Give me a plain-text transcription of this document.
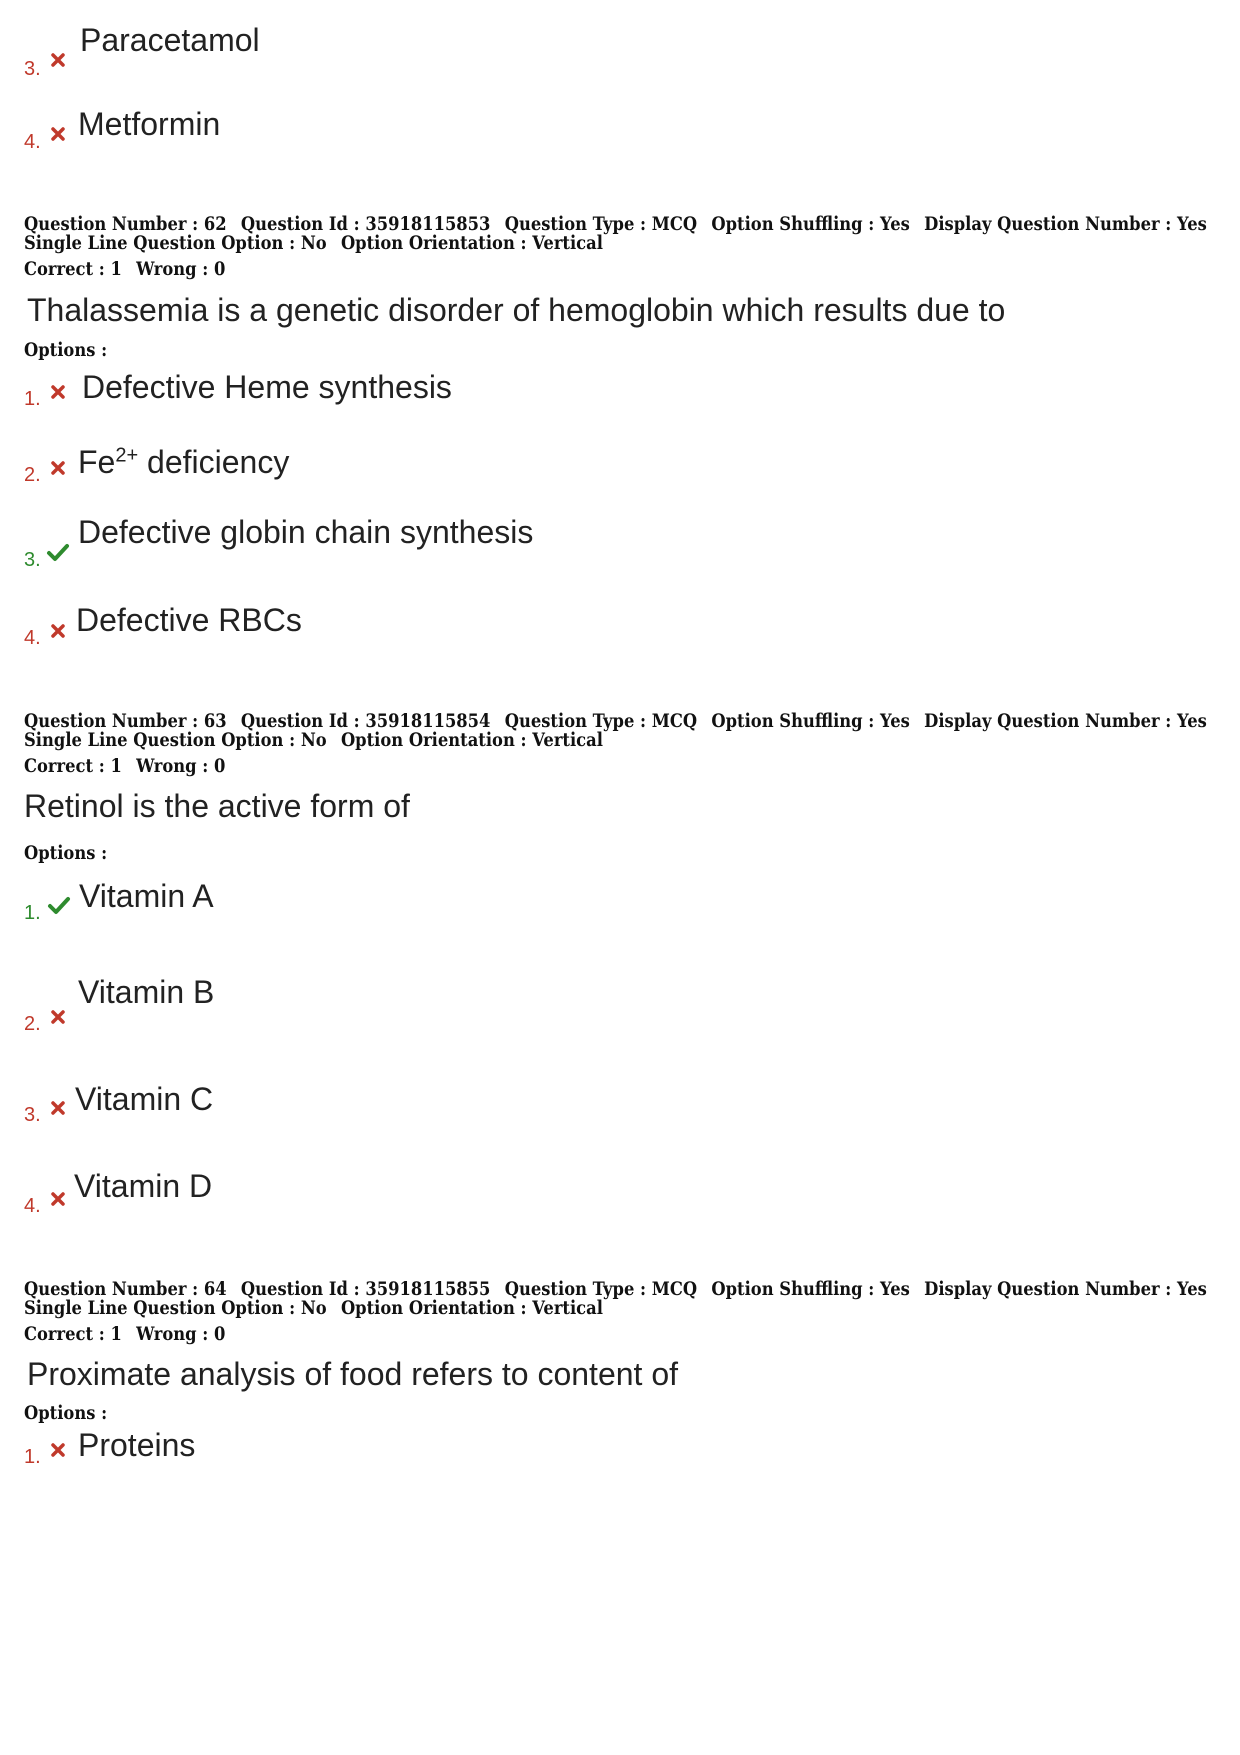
3.
Paracetamol
4. Metformin
Question Number : 62 Question Id : 35918115853 Question Type : MCQ Option Shuffling : Yes Display Question Number : Yes
Single Line Question Option : No Option Orientation : Vertical
Correct : 1 Wrong : 0
Thalassemia is a genetic disorder of hemoglobin which results due to
Options :
1. Defective Heme synthesis
2. $Fe^{2+}$ deficiency
3.
Defective globin chain synthesis
4. Defective RBCs
Question Number : 63 Question Id : 35918115854 Question Type : MCQ Option Shuffling : Yes Display Question Number : Yes
Single Line Question Option : No Option Orientation : Vertical
Correct : 1 Wrong : 0
Retinol is the active form of
Options :
1. Vitamin A
2.
Vitamin B
3. Vitamin C
4.
Vitamin D
Question Number : 64 Question Id : 35918115855 Question Type : MCQ Option Shuffling : Yes Display Question Number : Yes
Single Line Question Option : No Option Orientation : Vertical
Correct : 1 Wrong : 0
Proximate analysis of food refers to content of
Options :
1. Proteins
